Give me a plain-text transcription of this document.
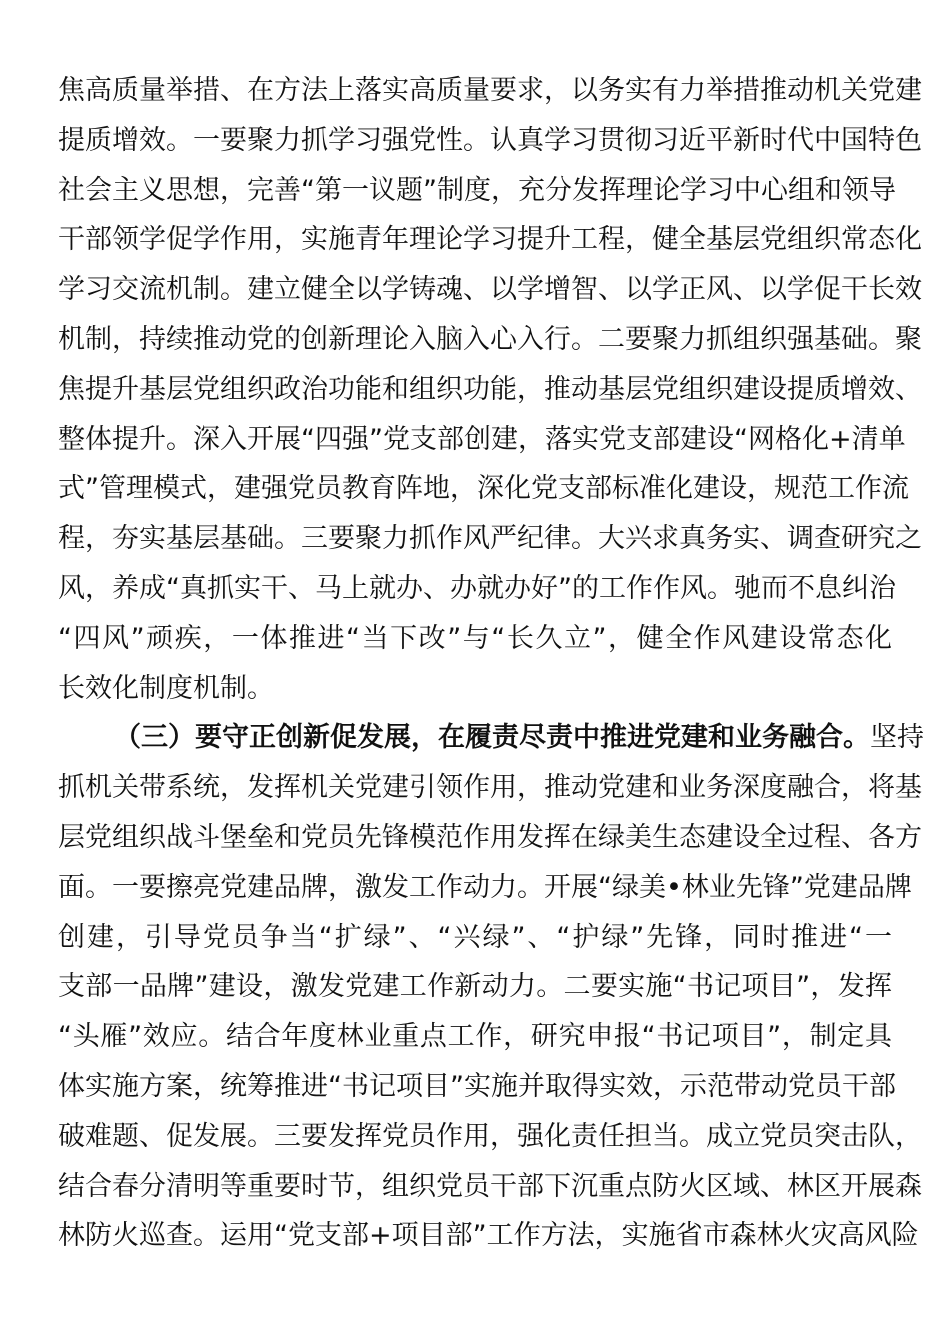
焦高质量举措、在方法上落实高质量要求，以务实有力举措推动机关党建
提质增效。一要聚力抓学习强党性。认真学习贯彻习近平新时代中国特色
社会主义思想，完善“第一议题”制度，充分发挥理论学习中心组和领导
干部领学促学作用，实施青年理论学习提升工程，健全基层党组织常态化
学习交流机制。建立健全以学铸魂、以学增智、以学正风、以学促干长效
机制，持续推动党的创新理论入脑入心入行。二要聚力抓组织强基础。聚
焦提升基层党组织政治功能和组织功能，推动基层党组织建设提质增效、
整体提升。深入开展“四强”党支部创建，落实党支部建设“网格化+清单
式”管理模式，建强党员教育阵地，深化党支部标准化建设，规范工作流
程，夯实基层基础。三要聚力抓作风严纪律。大兴求真务实、调查研究之
风，养成“真抓实干、马上就办、办就办好”的工作作风。驰而不息纠治
“四风”顽疾，一体推进“当下改”与“长久立”，健全作风建设常态化
长效化制度机制。
（三）要守正创新促发展，在履责尽责中推进党建和业务融合。坚持
抓机关带系统，发挥机关党建引领作用，推动党建和业务深度融合，将基
层党组织战斗堡垒和党员先锋模范作用发挥在绿美生态建设全过程、各方
面。一要擦亮党建品牌，激发工作动力。开展“绿美•林业先锋”党建品牌
创建，引导党员争当“扩绿”、“兴绿”、“护绿”先锋，同时推进“一
支部一品牌”建设，激发党建工作新动力。二要实施“书记项目”，发挥
“头雁”效应。结合年度林业重点工作，研究申报“书记项目”，制定具
体实施方案，统筹推进“书记项目”实施并取得实效，示范带动党员干部
破难题、促发展。三要发挥党员作用，强化责任担当。成立党员突击队，
结合春分清明等重要时节，组织党员干部下沉重点防火区域、林区开展森
林防火巡查。运用“党支部+项目部”工作方法，实施省市森林火灾高风险
